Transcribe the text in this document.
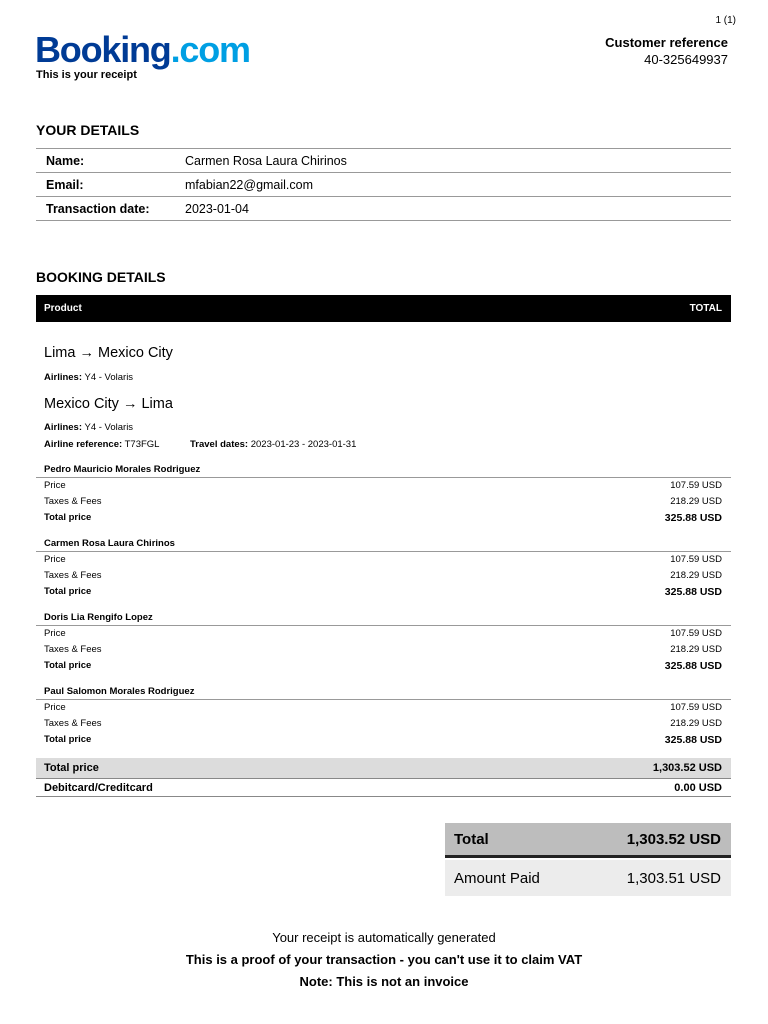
1 (1)
Booking.com
This is your receipt
Customer reference
40-325649937
YOUR DETAILS
Name:	Carmen Rosa Laura Chirinos
Email:	mfabian22@gmail.com
Transaction date:	2023-01-04
BOOKING DETAILS
Product	TOTAL
Lima → Mexico City
Airlines: Y4 - Volaris
Mexico City → Lima
Airlines: Y4 - Volaris
Airline reference: T73FGL	Travel dates: 2023-01-23 - 2023-01-31
Pedro Mauricio Morales Rodriguez
Price	107.59 USD
Taxes & Fees	218.29 USD
Total price	325.88 USD
Carmen Rosa Laura Chirinos
Price	107.59 USD
Taxes & Fees	218.29 USD
Total price	325.88 USD
Doris Lia Rengifo Lopez
Price	107.59 USD
Taxes & Fees	218.29 USD
Total price	325.88 USD
Paul Salomon Morales Rodriguez
Price	107.59 USD
Taxes & Fees	218.29 USD
Total price	325.88 USD
Total price	1,303.52 USD
Debitcard/Creditcard	0.00 USD
Total	1,303.52 USD
Amount Paid	1,303.51 USD
Your receipt is automatically generated
This is a proof of your transaction - you can't use it to claim VAT
Note: This is not an invoice
